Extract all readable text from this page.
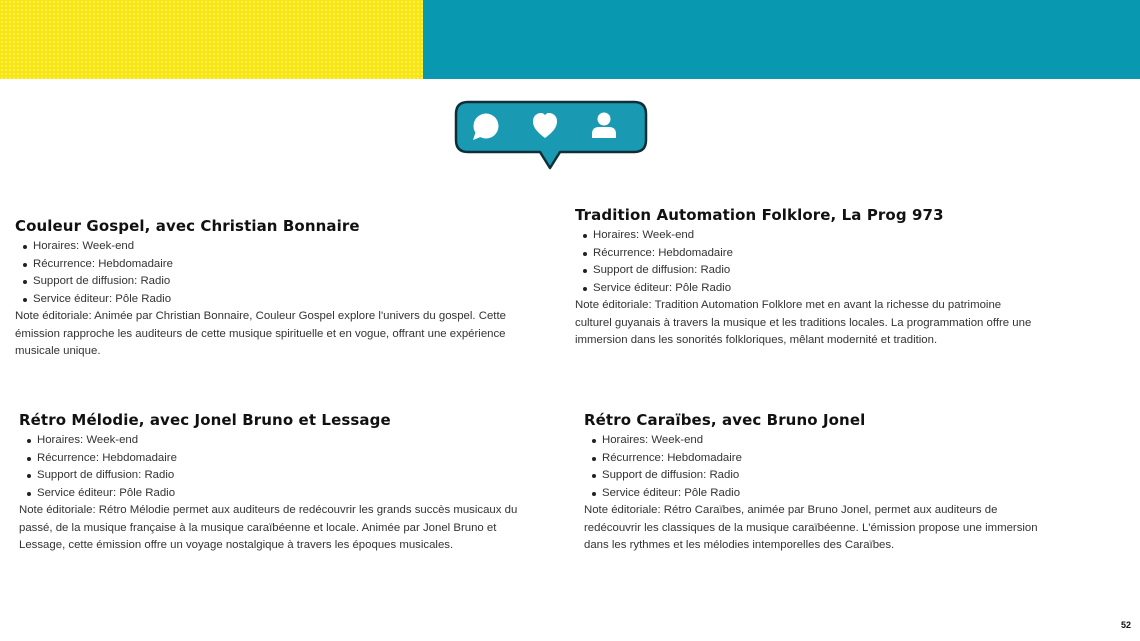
Couleur Gospel, avec Christian Bonnaire
Horaires: Week-end
Récurrence: Hebdomadaire
Support de diffusion: Radio
Service éditeur: Pôle Radio

Note éditoriale: Animée par Christian Bonnaire, Couleur Gospel explore l'univers du gospel. Cette émission rapproche les auditeurs de cette musique spirituelle et en vogue, offrant une expérience musicale unique.

Tradition Automation Folklore, La Prog 973
Horaires: Week-end
Récurrence: Hebdomadaire
Support de diffusion: Radio
Service éditeur: Pôle Radio

Note éditoriale: Tradition Automation Folklore met en avant la richesse du patrimoine culturel guyanais à travers la musique et les traditions locales. La programmation offre une immersion dans les sonorités folkloriques, mêlant modernité et tradition.

Rétro Mélodie, avec Jonel Bruno et Lessage
Horaires: Week-end
Récurrence: Hebdomadaire
Support de diffusion: Radio
Service éditeur: Pôle Radio

Note éditoriale: Rétro Mélodie permet aux auditeurs de redécouvrir les grands succès musicaux du passé, de la musique française à la musique caraïbéenne et locale. Animée par Jonel Bruno et Lessage, cette émission offre un voyage nostalgique à travers les époques musicales.

Rétro Caraïbes, avec Bruno Jonel
Horaires: Week-end
Récurrence: Hebdomadaire
Support de diffusion: Radio
Service éditeur: Pôle Radio

Note éditoriale: Rétro Caraïbes, animée par Bruno Jonel, permet aux auditeurs de redécouvrir les classiques de la musique caraïbéenne. L'émission propose une immersion dans les rythmes et les mélodies intemporelles des Caraïbes.

52
